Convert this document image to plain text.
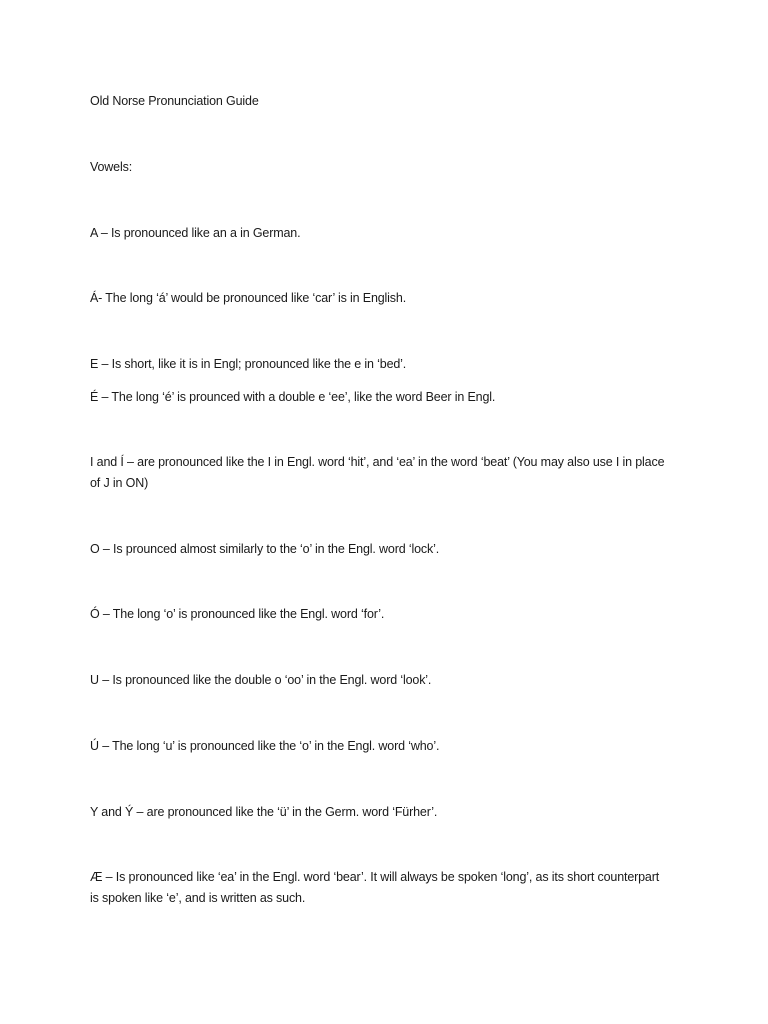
Old Norse Pronunciation Guide

Vowels:

A – Is pronounced like an a in German.

Á- The long ‘á’ would be pronounced like ‘car’ is in English.

E – Is short, like it is in Engl; pronounced like the e in ‘bed’.

É – The long ‘é’ is prounced with a double e ‘ee’, like the word Beer in Engl.

I and Í – are pronounced like the I in Engl. word ‘hit’, and ‘ea’ in the word ‘beat’ (You may also use I in place of J in ON)

O – Is prounced almost similarly to the ‘o’ in the Engl. word ‘lock’.

Ó – The long ‘o’ is pronounced like the Engl. word ‘for’.

U – Is pronounced like the double o ‘oo’ in the Engl. word ‘look’.

Ú – The long ‘u’ is pronounced like the ‘o’ in the Engl. word ‘who’.

Y and Ý – are pronounced like the ‘ü’ in the Germ. word ‘Fürher’.

Æ – Is pronounced like ‘ea’ in the Engl. word ‘bear’. It will always be spoken ‘long’, as its short counterpart is spoken like ‘e’, and is written as such.
